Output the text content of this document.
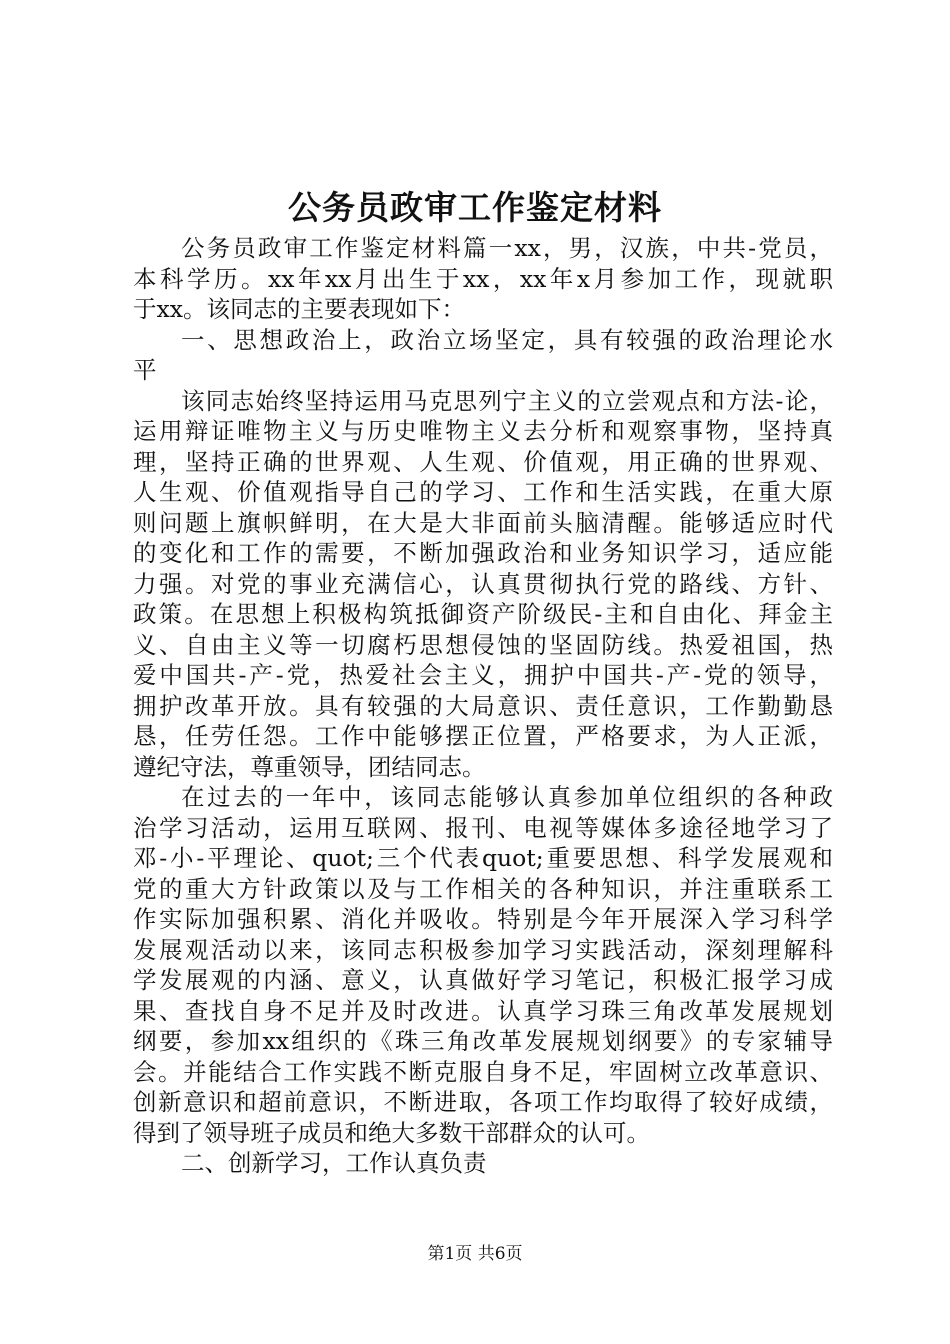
公务员政审工作鉴定材料
公务员政审工作鉴定材料篇一xx，男，汉族，中共-党员，
本科学历。xx年xx月出生于xx，xx年x月参加工作，现就职
于xx。该同志的主要表现如下：
一、思想政治上，政治立场坚定，具有较强的政治理论水
平
该同志始终坚持运用马克思列宁主义的立尝观点和方法-论，
运用辩证唯物主义与历史唯物主义去分析和观察事物，坚持真
理，坚持正确的世界观、人生观、价值观，用正确的世界观、
人生观、价值观指导自己的学习、工作和生活实践，在重大原
则问题上旗帜鲜明，在大是大非面前头脑清醒。能够适应时代
的变化和工作的需要，不断加强政治和业务知识学习，适应能
力强。对党的事业充满信心，认真贯彻执行党的路线、方针、
政策。在思想上积极构筑抵御资产阶级民-主和自由化、拜金主
义、自由主义等一切腐朽思想侵蚀的坚固防线。热爱祖国，热
爱中国共-产-党，热爱社会主义，拥护中国共-产-党的领导，
拥护改革开放。具有较强的大局意识、责任意识，工作勤勤恳
恳，任劳任怨。工作中能够摆正位置，严格要求，为人正派，
遵纪守法，尊重领导，团结同志。
在过去的一年中，该同志能够认真参加单位组织的各种政
治学习活动，运用互联网、报刊、电视等媒体多途径地学习了
邓-小-平理论、quot;三个代表quot;重要思想、科学发展观和
党的重大方针政策以及与工作相关的各种知识，并注重联系工
作实际加强积累、消化并吸收。特别是今年开展深入学习科学
发展观活动以来，该同志积极参加学习实践活动，深刻理解科
学发展观的内涵、意义，认真做好学习笔记，积极汇报学习成
果、查找自身不足并及时改进。认真学习珠三角改革发展规划
纲要，参加xx组织的《珠三角改革发展规划纲要》的专家辅导
会。并能结合工作实践不断克服自身不足，牢固树立改革意识、
创新意识和超前意识，不断进取，各项工作均取得了较好成绩，
得到了领导班子成员和绝大多数干部群众的认可。
二、创新学习，工作认真负责
第1页 共6页
